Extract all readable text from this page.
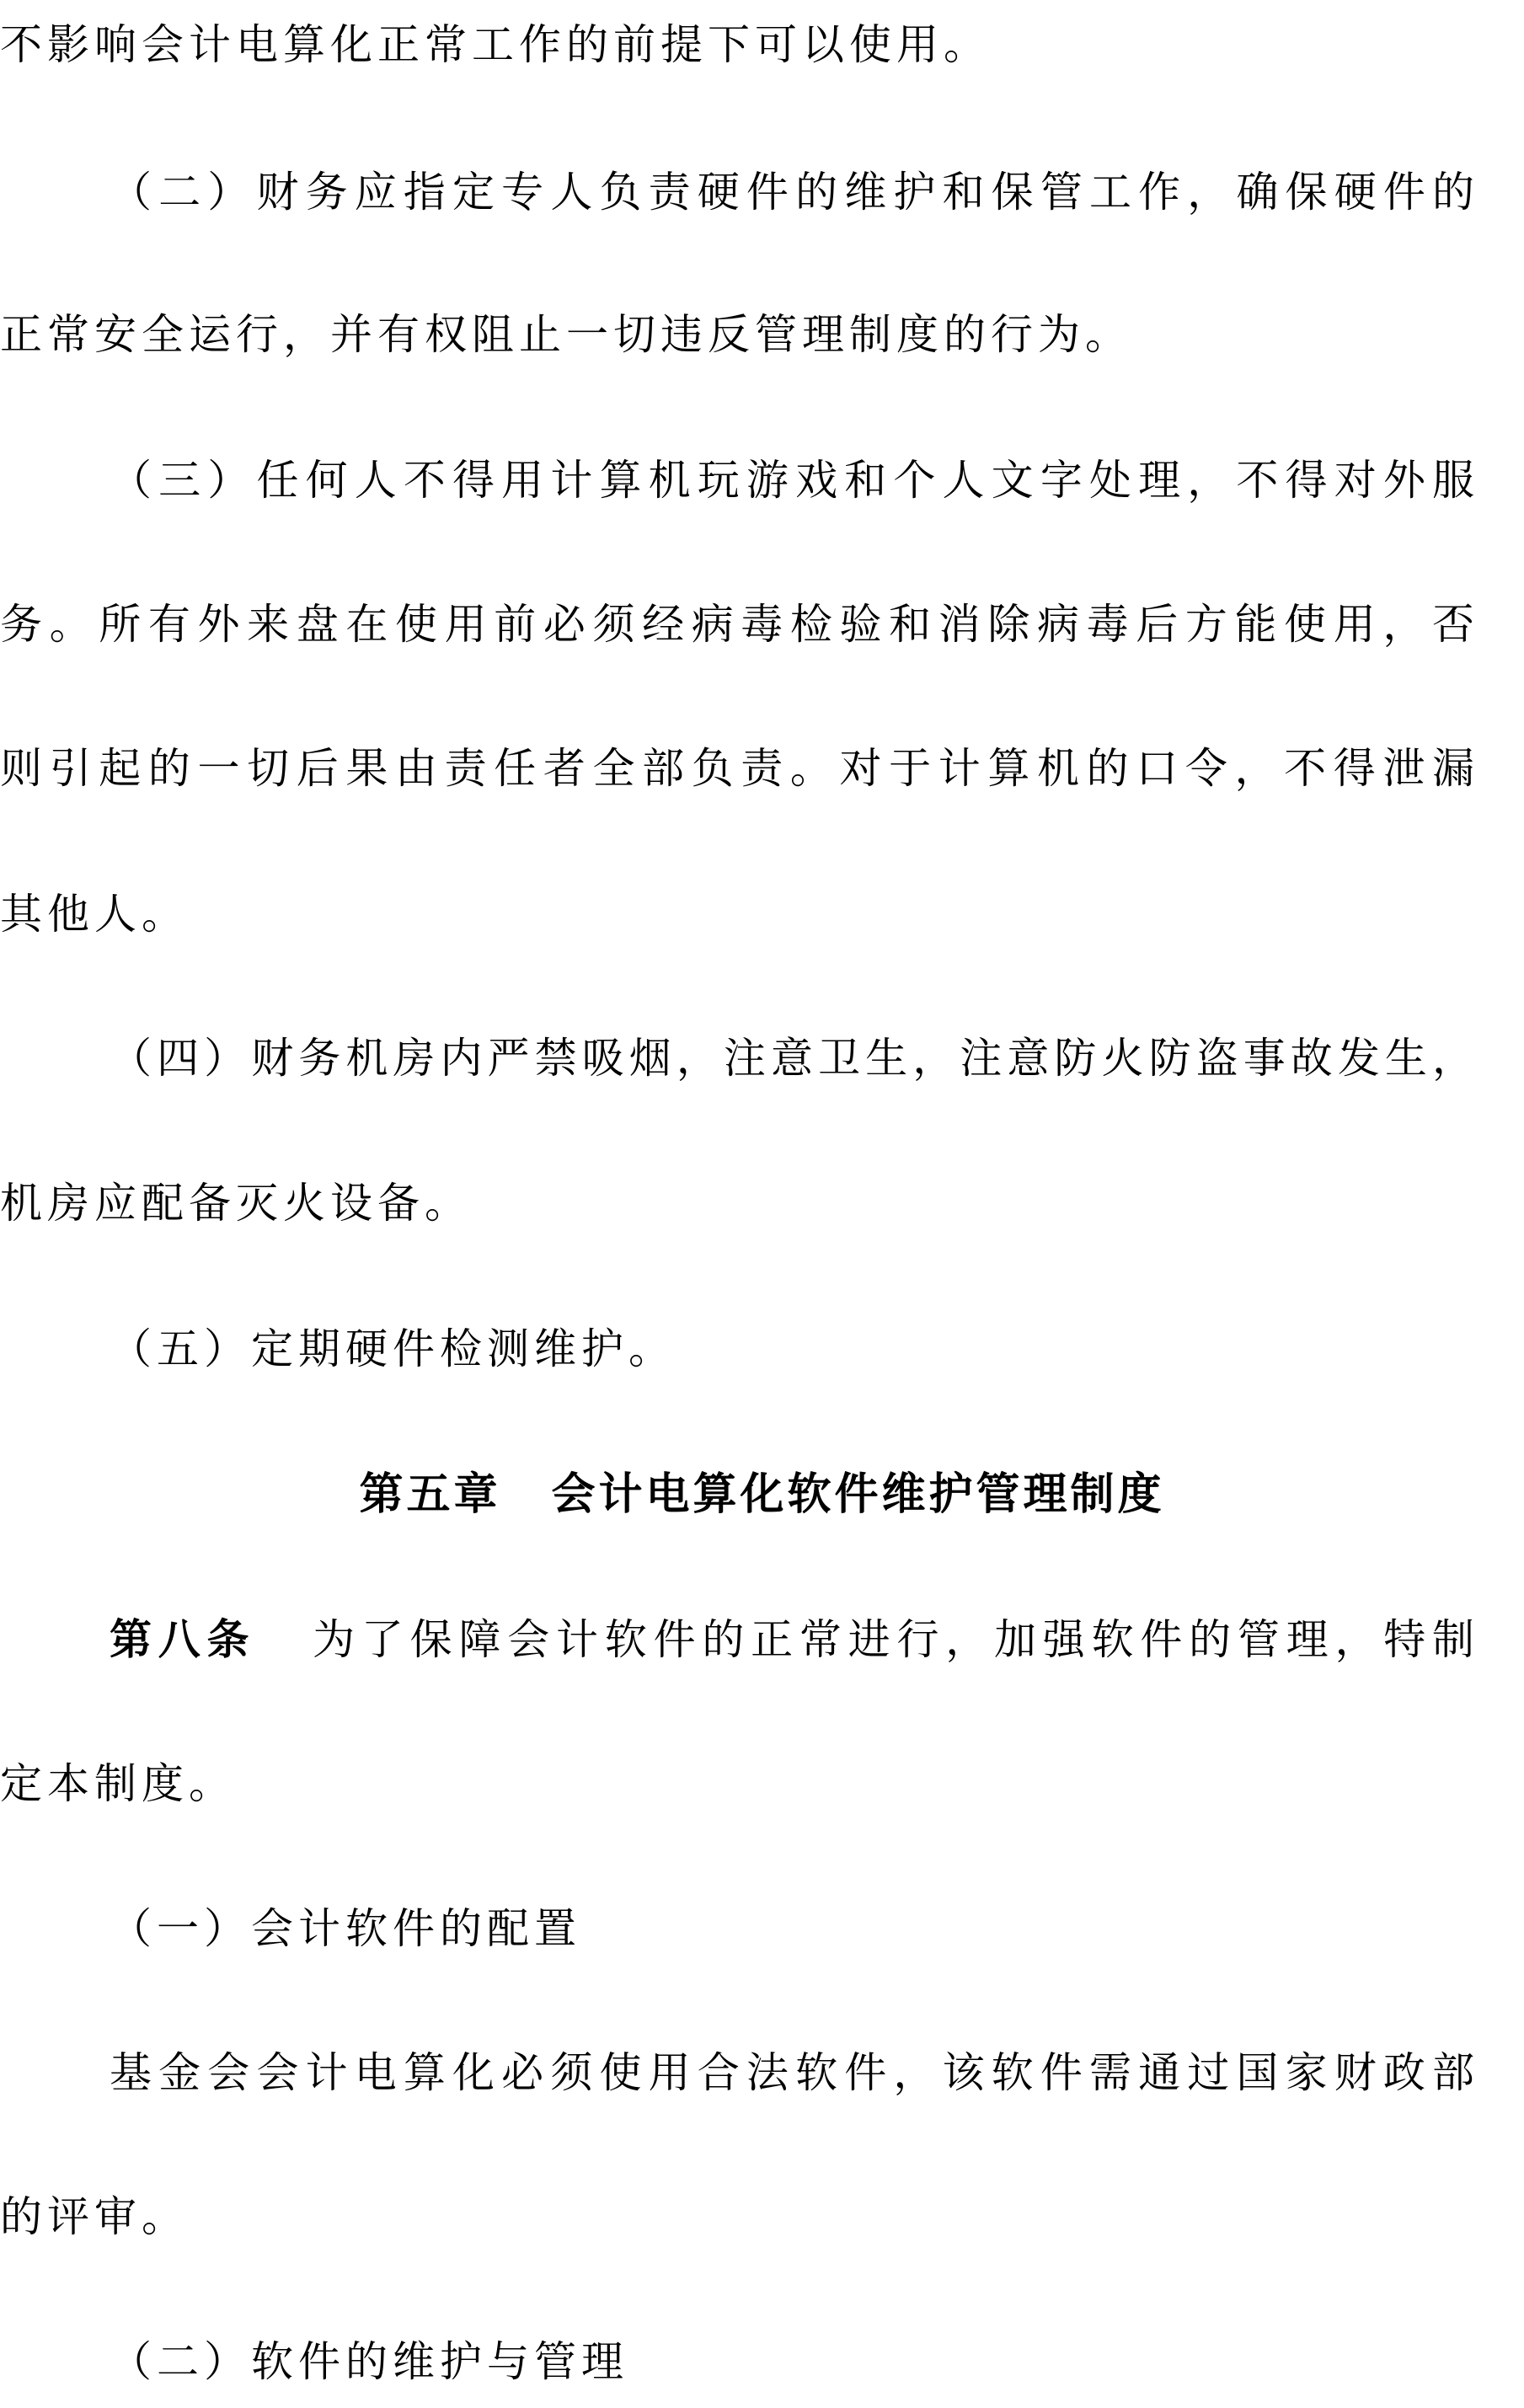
不影响会计电算化正常工作的前提下可以使用。

（二）财务应指定专人负责硬件的维护和保管工作，确保硬件的

正常安全运行，并有权阻止一切违反管理制度的行为。

（三）任何人不得用计算机玩游戏和个人文字处理，不得对外服

务。所有外来盘在使用前必须经病毒检验和消除病毒后方能使用，否

则引起的一切后果由责任者全部负责。对于计算机的口令，不得泄漏

其他人。

（四）财务机房内严禁吸烟，注意卫生，注意防火防盗事故发生，

机房应配备灭火设备。

（五）定期硬件检测维护。

第五章 会计电算化软件维护管理制度

第八条 为了保障会计软件的正常进行，加强软件的管理，特制

定本制度。

（一）会计软件的配置

基金会会计电算化必须使用合法软件，该软件需通过国家财政部

的评审。

（二）软件的维护与管理
